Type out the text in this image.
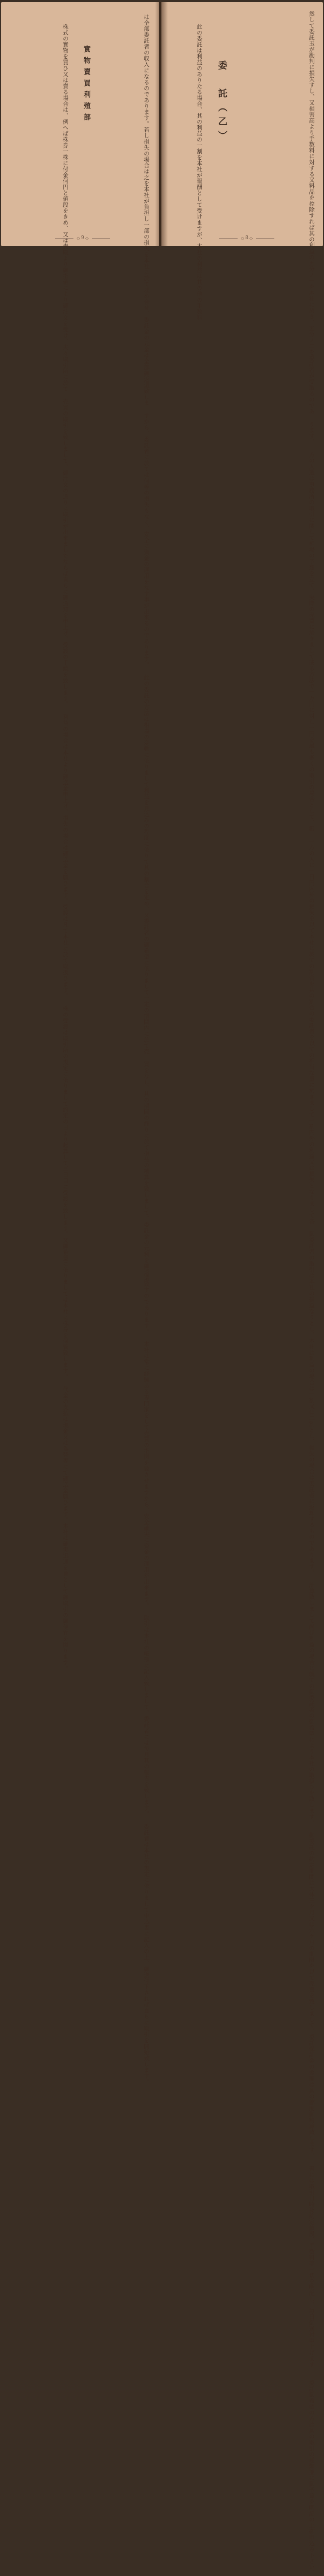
は全部委託者の収入になるのであります。若し損失の場合は之を本社が負担し一部の損失を本社に於て埋め合せ、委託金の元金は全部御返還致しま すから、委託者に於ては何等の損失もなく、安全に資金の運用をなす事が出来るのであります。 此の委託の方法は相場の変動に依りまして利益を見込みの程度に依りて其の割合を定め、又委託者の御希望に依りまして一定の期間内に於て売 買をなし、其の期間の終りに於て損益の精算を致しまして、委託金の元利を御返還致すのであります。 本社は常に経験ある専門家をして売買の指図を致させますから、安全確実に資金の運用が出来ます。 取引は本社の帳簿に記入致しまして、委託者には毎月其の報告を致します。 委託者は本社の規定に依りまして申込書に記入の上、御送付下されば直ちに取引を開始致します。
實物賣買利殖部
株式の實物を買ひ又は賣る場合は、例へば株券一株に付金何円と値段をきめ、又は貴殿より御指値により御注文を受け、夫々取引所に於て 売買の取引を致しまして、御注文の通りに取引が出来ましたならば直ちに御通知を申上げ、受渡の手続を致します。 利益の場合は本社より御送金申上げ、損失の場合は御送金を願ひます。受渡は凡て本社に於て取扱ひます。 株の受渡は取引所の規定に依りまして約定の日より起算して三日目に受渡を致します。又御希望に依りましては本社に株券を保管致します。 代金の支払は現金又は為替等にて御送金願ひます。本社は確実迅速を旨として御取引の御便宜を図ります。
◇ 9 ◇	然して委託玉が勘判に損失すし、又損害高より手数料に対する又料品を控除すれば其の利益の五分ノ一を本社に於き、五分ノ二を委託者が受取るのであ ります。 方の人選は事務所の取引に関して相場の予想を立て、実際の売買に於きまして或る方法で一万円に対し一円を最も多くの取引の場合として、銀 一方の人に一日円内外の損失を以て本社に於ての割合を其の割合の委託者を以ての相当な量に於きまして一割内外の利益又は損失となりまして各 御委託者の取引は本社の損益なりとし、本社は利益の場合は一割又は二割とし、損失の場合は委託者に返却するものであります。 計算致しまして尚ほ利益の場合に就ての御委託者の御希望により本社の取扱ひを致します。 御委託の約定期間は大体三ケ月又は六ケ月の期限を以て売買を致しまして、委託保証金の差額は其の都度御精算致します。 書には取引日時及約定値段、手数料等一切を明記し、毎日御送付申上げます。 委託御希望の方は其の取引の種類並に御予算を明記の上御申込み下さい。
委　託（乙）
此の委託は利益のありたる場合、其の利益の一割を本社が報酬として受けますが、本社の利益は其の他の手数料	◇ 8 ◇
